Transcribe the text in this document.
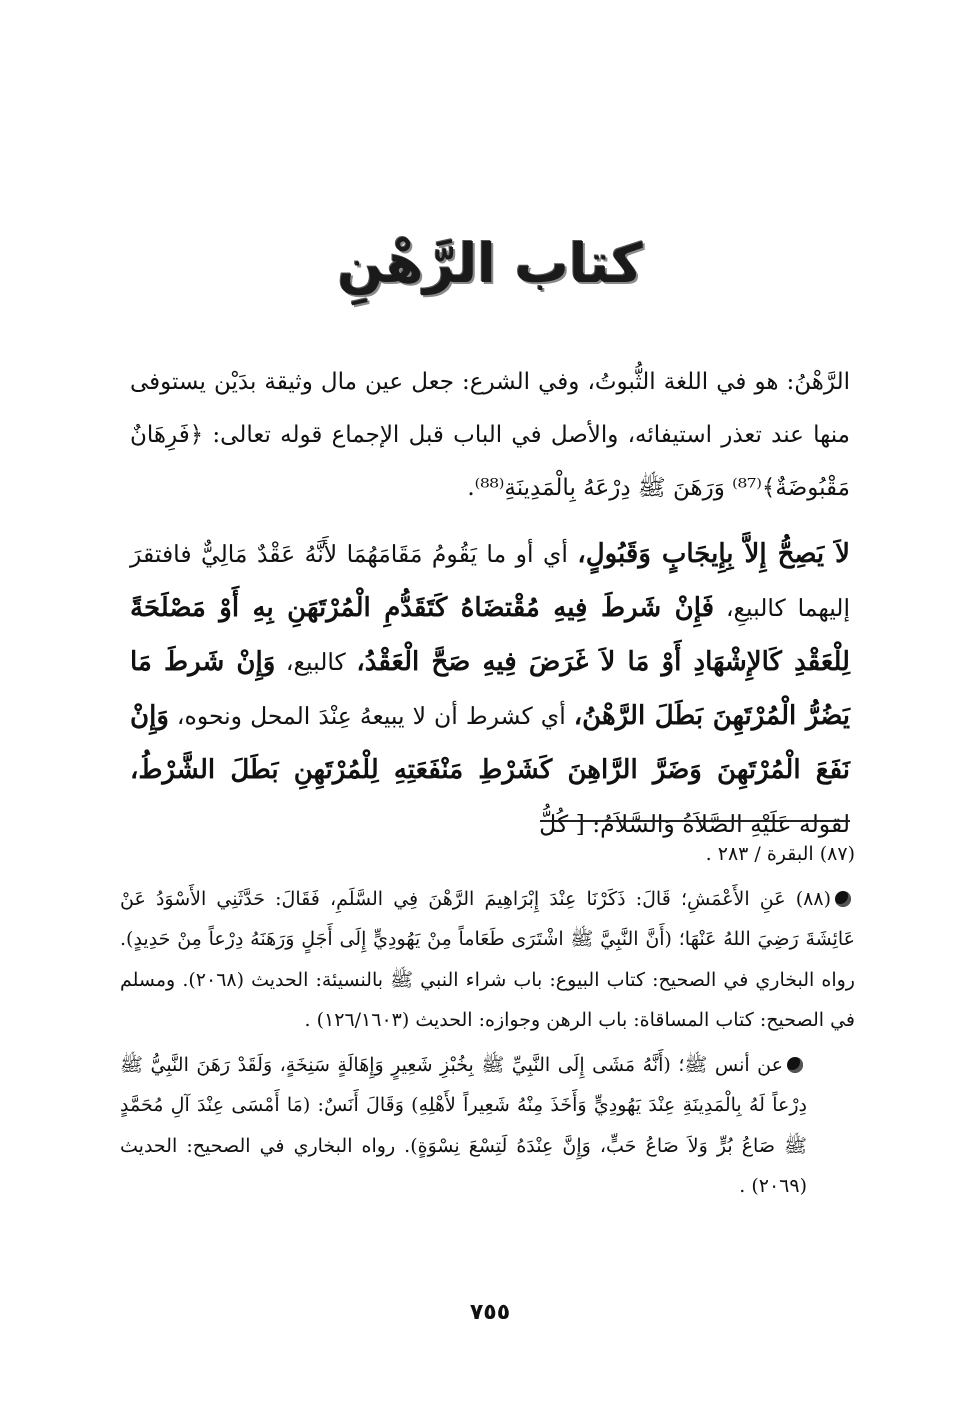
كتاب الرَّهْنِ
الرَّهْنُ: هو في اللغة الثُّبوتُ، وفي الشرع: جعل عين مال وثيقة بدَيْن يستوفى منها عند تعذر استيفائه، والأصل في الباب قبل الإجماع قوله تعالى: ﴿فَرِهَانٌ مَقْبُوضَةٌ﴾⁽⁸⁷⁾ وَرَهَنَ ﷺ دِرْعَهُ بِالْمَدِينَةِ⁽⁸⁸⁾.
لاَ يَصِحُّ إِلاَّ بِإِيجَابٍ وَقَبُولٍ، أي أو ما يَقُومُ مَقَامَهُمَا لأَنَّهُ عَقْدٌ مَالِيٌّ فافتقرَ إليهما كالبيعِ، فَإِنْ شَرطَ فِيهِ مُقْتضَاهُ كَتَقَدُّمِ الْمُرْتَهَنِ بِهِ أَوْ مَصْلَحَةً لِلْعَقْدِ كَالإِشْهَادِ أَوْ مَا لاَ غَرَضَ فِيهِ صَحَّ الْعَقْدُ، كالبيع، وَإِنْ شَرطَ مَا يَضُرُّ الْمُرْتَهِنَ بَطَلَ الرَّهْنُ، أي كشرط أن لا يبيعهُ عِنْدَ المحل ونحوه، وَإِنْ نَفَعَ الْمُرْتَهِنَ وَضَرَّ الرَّاهِنَ كَشَرْطِ مَنْفَعَتِهِ لِلْمُرْتَهِنِ بَطَلَ الشَّرْطُ، لقوله عَلَيْهِ الصَّلاَةُ وَالسَّلاَمُ: [ كُلُّ

(٨٧) البقرة / ٢٨٣ .

(٨٨) عَنِ الأَعْمَشِ؛ قَالَ: ذَكَرْنَا عِنْدَ إِبْرَاهِيمَ الرَّهْنَ فِي السَّلَمِ، فَقَالَ: حَدَّثَنِي الأَسْوَدُ عَنْ عَائِشَةَ رَضِيَ اللهُ عَنْهَا؛ (أَنَّ النَّبِيَّ ﷺ اشْتَرَى طَعَاماً مِنْ يَهُودِيٍّ إِلَى أَجَلٍ وَرَهَنَهُ دِرْعاً مِنْ حَدِيدٍ). رواه البخاري في الصحيح: كتاب البيوع: باب شراء النبي ﷺ بالنسيئة: الحديث (٢٠٦٨). ومسلم في الصحيح: كتاب المساقاة: باب الرهن وجوازه: الحديث (١٢٦/١٦٠٣) .

عن أنس ﷺ؛ (أَنَّهُ مَشَى إِلَى النَّبِيِّ ﷺ بِخُبْزِ شَعِيرٍ وَإِهَالَةٍ سَنِخَةٍ، وَلَقَدْ رَهَنَ النَّبِيُّ ﷺ دِرْعاً لَهُ بِالْمَدِينَةِ عِنْدَ يَهُودِيٍّ وَأَخَذَ مِنْهُ شَعِيراً لأَهْلِهِ) وَقَالَ أَنَسٌ: (مَا أَمْسَى عِنْدَ آلِ مُحَمَّدٍ ﷺ صَاعُ بُرٍّ وَلاَ صَاعُ حَبٍّ، وَإِنَّ عِنْدَهُ لَتِسْعَ نِسْوَةٍ). رواه البخاري في الصحيح: الحديث (٢٠٦٩) .

٧٥٥
